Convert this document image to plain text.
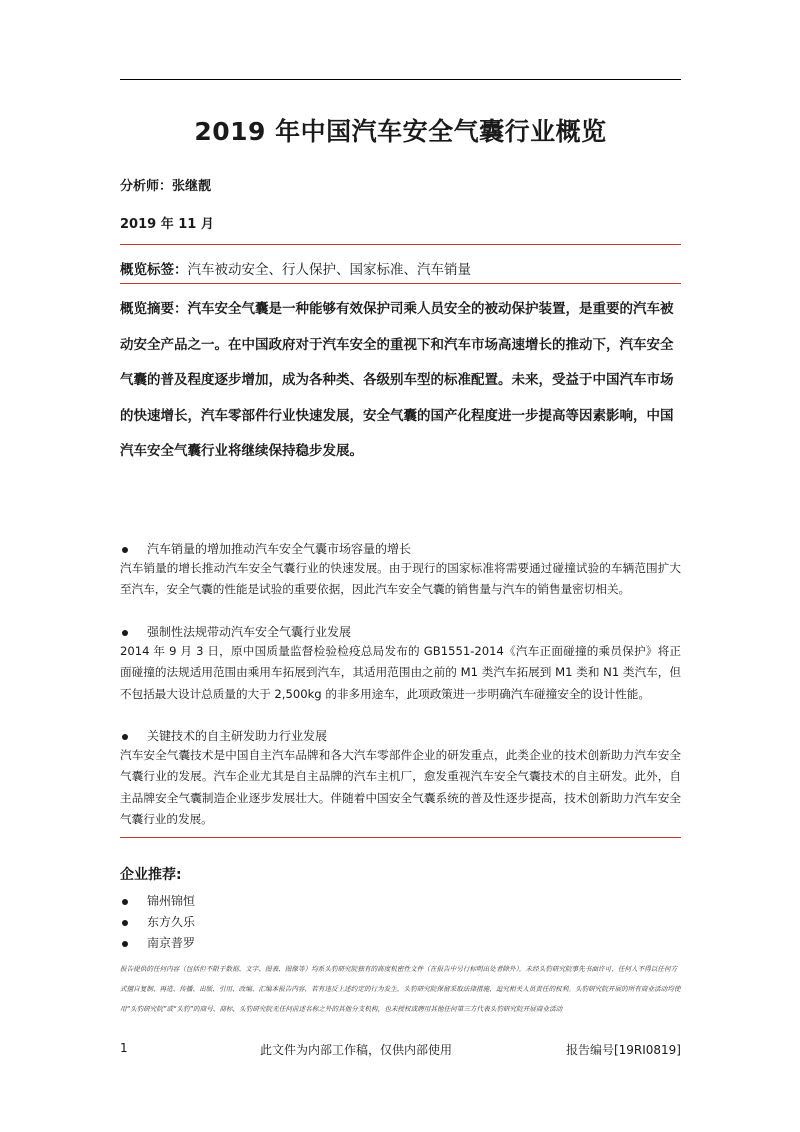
2019 年中国汽车安全气囊行业概览
分析师：张继靓
2019 年 11 月
概览标签：汽车被动安全、行人保护、国家标准、汽车销量

概览摘要：汽车安全气囊是一种能够有效保护司乘人员安全的被动保护装置，是重要的汽车被动安全产品之一。在中国政府对于汽车安全的重视下和汽车市场高速增长的推动下，汽车安全气囊的普及程度逐步增加，成为各种类、各级别车型的标准配置。未来，受益于中国汽车市场的快速增长，汽车零部件行业快速发展，安全气囊的国产化程度进一步提高等因素影响，中国汽车安全气囊行业将继续保持稳步发展。

汽车销量的增加推动汽车安全气囊市场容量的增长

汽车销量的增长推动汽车安全气囊行业的快速发展。由于现行的国家标准将需要通过碰撞试验的车辆范围扩大至汽车，安全气囊的性能是试验的重要依据，因此汽车安全气囊的销售量与汽车的销售量密切相关。

强制性法规带动汽车安全气囊行业发展

2014 年 9 月 3 日，原中国质量监督检验检疫总局发布的 GB1551-2014《汽车正面碰撞的乘员保护》将正面碰撞的法规适用范围由乘用车拓展到汽车，其适用范围由之前的 M1 类汽车拓展到 M1 类和 N1 类汽车，但不包括最大设计总质量的大于 2,500kg 的非多用途车，此项政策进一步明确汽车碰撞安全的设计性能。

关键技术的自主研发助力行业发展

汽车安全气囊技术是中国自主汽车品牌和各大汽车零部件企业的研发重点，此类企业的技术创新助力汽车安全气囊行业的发展。汽车企业尤其是自主品牌的汽车主机厂，愈发重视汽车安全气囊技术的自主研发。此外，自主品牌安全气囊制造企业逐步发展壮大。伴随着中国安全气囊系统的普及性逐步提高，技术创新助力汽车安全气囊行业的发展。

企业推荐:
锦州锦恒
东方久乐
南京普罗

报告提供的任何内容（包括但不限于数据、文字、图表、图像等）均系头豹研究院独有的高度机密性文件（在报告中另行标明出处者除外）。未经头豹研究院事先书面许可，任何人不得以任何方式擅自复制、再造、传播、出版、引用、改编、汇编本报告内容，若有违反上述约定的行为发生，头豹研究院保留采取法律措施、追究相关人员责任的权利。头豹研究院开展的所有商业活动均使用“头豹研究院”或“头豹”的商号、商标，头豹研究院无任何前述名称之外的其他分支机构，也未授权或聘用其他任何第三方代表头豹研究院开展商业活动

1	此文件为内部工作稿，仅供内部使用	报告编号[19RI0819]
